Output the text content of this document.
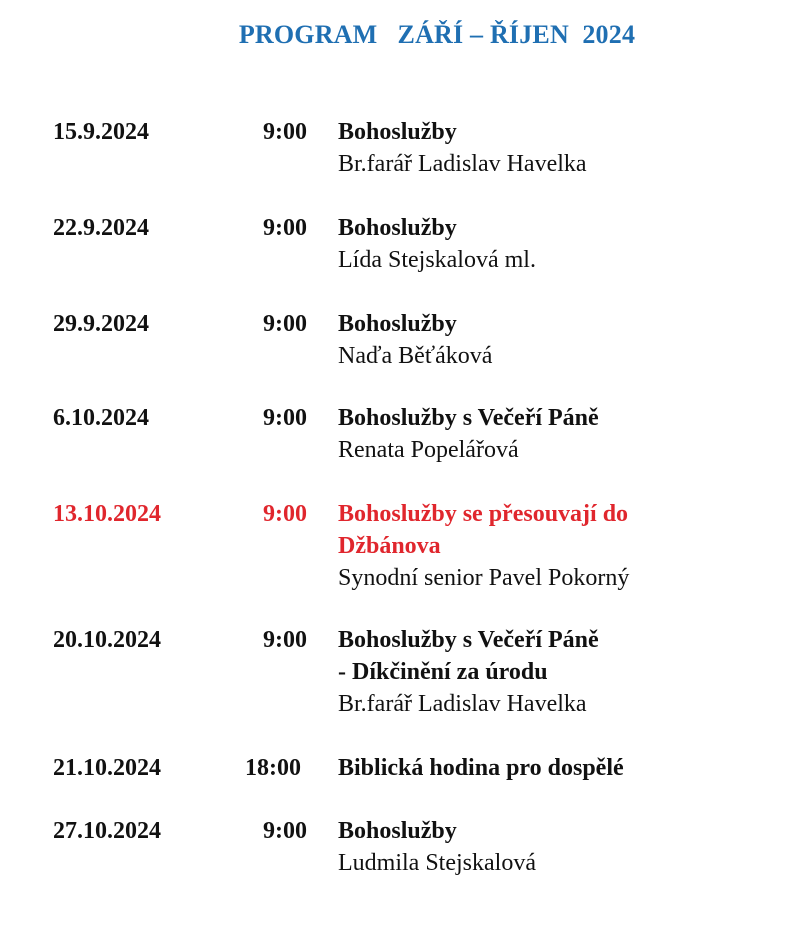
PROGRAM   ZÁŘÍ – ŘÍJEN  2024
15.9.2024	9:00 Bohoslužby
Br.farář Ladislav Havelka
22.9.2024	9:00 Bohoslužby
Lída Stejskalová ml.
29.9.2024	9:00 Bohoslužby
Naďa Běťáková
6.10.2024	9:00 Bohoslužby s Večeří Páně
Renata Popelářová
13.10.2024	9:00 Bohoslužby se přesouvají do
Džbánova
Synodní senior Pavel Pokorný
20.10.2024	9:00 Bohoslužby s Večeří Páně
- Díkčinění za úrodu
Br.farář Ladislav Havelka
21.10.2024	18:00 Biblická hodina pro dospělé
27.10.2024	9:00 Bohoslužby
Ludmila Stejskalová
